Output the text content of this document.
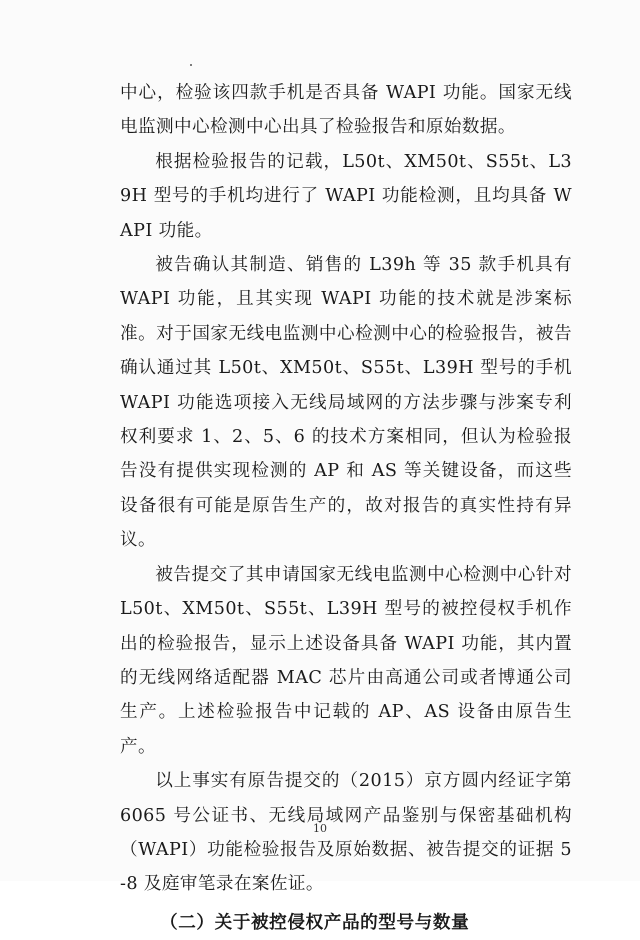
中心，检验该四款手机是否具备 WAPI 功能。国家无线电监测中心检测中心出具了检验报告和原始数据。

根据检验报告的记载，L50t、XM50t、S55t、L39H 型号的手机均进行了 WAPI 功能检测，且均具备 WAPI 功能。

被告确认其制造、销售的 L39h 等 35 款手机具有 WAPI 功能，且其实现 WAPI 功能的技术就是涉案标准。对于国家无线电监测中心检测中心的检验报告，被告确认通过其 L50t、XM50t、S55t、L39H 型号的手机 WAPI 功能选项接入无线局域网的方法步骤与涉案专利权利要求 1、2、5、6 的技术方案相同，但认为检验报告没有提供实现检测的 AP 和 AS 等关键设备，而这些设备很有可能是原告生产的，故对报告的真实性持有异议。

被告提交了其申请国家无线电监测中心检测中心针对 L50t、XM50t、S55t、L39H 型号的被控侵权手机作出的检验报告，显示上述设备具备 WAPI 功能，其内置的无线网络适配器 MAC 芯片由高通公司或者博通公司生产。上述检验报告中记载的 AP、AS 设备由原告生产。

以上事实有原告提交的（2015）京方圆内经证字第 6065 号公证书、无线局域网产品鉴别与保密基础机构（WAPI）功能检验报告及原始数据、被告提交的证据 5-8 及庭审笔录在案佐证。

（二）关于被控侵权产品的型号与数量

10
